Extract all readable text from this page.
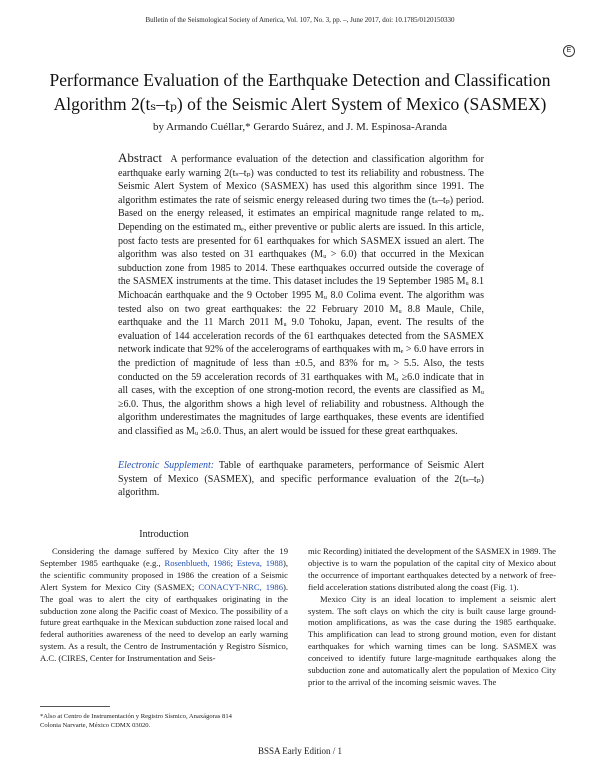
Bulletin of the Seismological Society of America, Vol. 107, No. 3, pp. –, June 2017, doi: 10.1785/0120150330
E
Performance Evaluation of the Earthquake Detection and Classification
Algorithm 2(tₛ–tₚ) of the Seismic Alert System of Mexico (SASMEX)
by Armando Cuéllar,* Gerardo Suárez, and J. M. Espinosa-Aranda
Abstract A performance evaluation of the detection and classification algorithm for earthquake early warning 2(tₛ–tₚ) was conducted to test its reliability and robustness. The Seismic Alert System of Mexico (SASMEX) has used this algorithm since 1991. The algorithm estimates the rate of seismic energy released during two times the (tₛ–tₚ) period. Based on the energy released, it estimates an empirical magnitude range related to mₑ. Depending on the estimated mₑ, either preventive or public alerts are issued. In this article, post facto tests are presented for 61 earthquakes for which SASMEX issued an alert. The algorithm was also tested on 31 earthquakes (Mᵤ > 6.0) that occurred in the Mexican subduction zone from 1985 to 2014. These earthquakes occurred outside the coverage of the SASMEX instruments at the time. This dataset includes the 19 September 1985 Mᵤ 8.1 Michoacán earthquake and the 9 October 1995 Mᵤ 8.0 Colima event. The algorithm was tested also on two great earthquakes: the 22 February 2010 Mᵤ 8.8 Maule, Chile, earthquake and the 11 March 2011 Mᵤ 9.0 Tohoku, Japan, event. The results of the evaluation of 144 acceleration records of the 61 earthquakes detected from the SASMEX network indicate that 92% of the accelerograms of earthquakes with mₑ > 6.0 have errors in the prediction of magnitude of less than ±0.5, and 83% for mₑ > 5.5. Also, the tests conducted on the 59 acceleration records of 31 earthquakes with Mᵤ ≥6.0 indicate that in all cases, with the exception of one strong-motion record, the events are classified as Mᵤ ≥6.0. Thus, the algorithm shows a high level of reliability and robustness. Although the algorithm underestimates the magnitudes of large earthquakes, these events are identified and classified as Mᵤ ≥6.0. Thus, an alert would be issued for these great earthquakes.
Electronic Supplement: Table of earthquake parameters, performance of Seismic Alert System of Mexico (SASMEX), and specific performance evaluation of the 2(tₛ–tₚ) algorithm.
Introduction

Considering the damage suffered by Mexico City after the 19 September 1985 earthquake (e.g., Rosenblueth, 1986; Esteva, 1988), the scientific community proposed in 1986 the creation of a Seismic Alert System for Mexico City (SASMEX; CONACYT-NRC, 1986). The goal was to alert the city of earthquakes originating in the subduction zone along the Pacific coast of Mexico. The possibility of a future great earthquake in the Mexican subduction zone raised local and federal authorities awareness of the need to develop an early warning system. As a result, the Centro de Instrumentación y Registro Sísmico, A.C. (CIRES, Center for Instrumentation and Seis-

mic Recording) initiated the development of the SASMEX in 1989. The objective is to warn the population of the capital city of Mexico about the occurrence of important earthquakes detected by a network of free-field acceleration stations distributed along the coast (Fig. 1).

Mexico City is an ideal location to implement a seismic alert system. The soft clays on which the city is built cause large ground-motion amplifications, as was the case during the 1985 earthquake. This amplification can lead to strong ground motion, even for distant earthquakes for which warning times can be long. SASMEX was conceived to identify future large-magnitude earthquakes along the subduction zone and automatically alert the population of Mexico City prior to the arrival of the incoming seismic waves. The

*Also at Centro de Instrumentación y Registro Sísmico, Anaxágoras 814
Colonia Narvarte, México CDMX 03020.
BSSA Early Edition / 1
